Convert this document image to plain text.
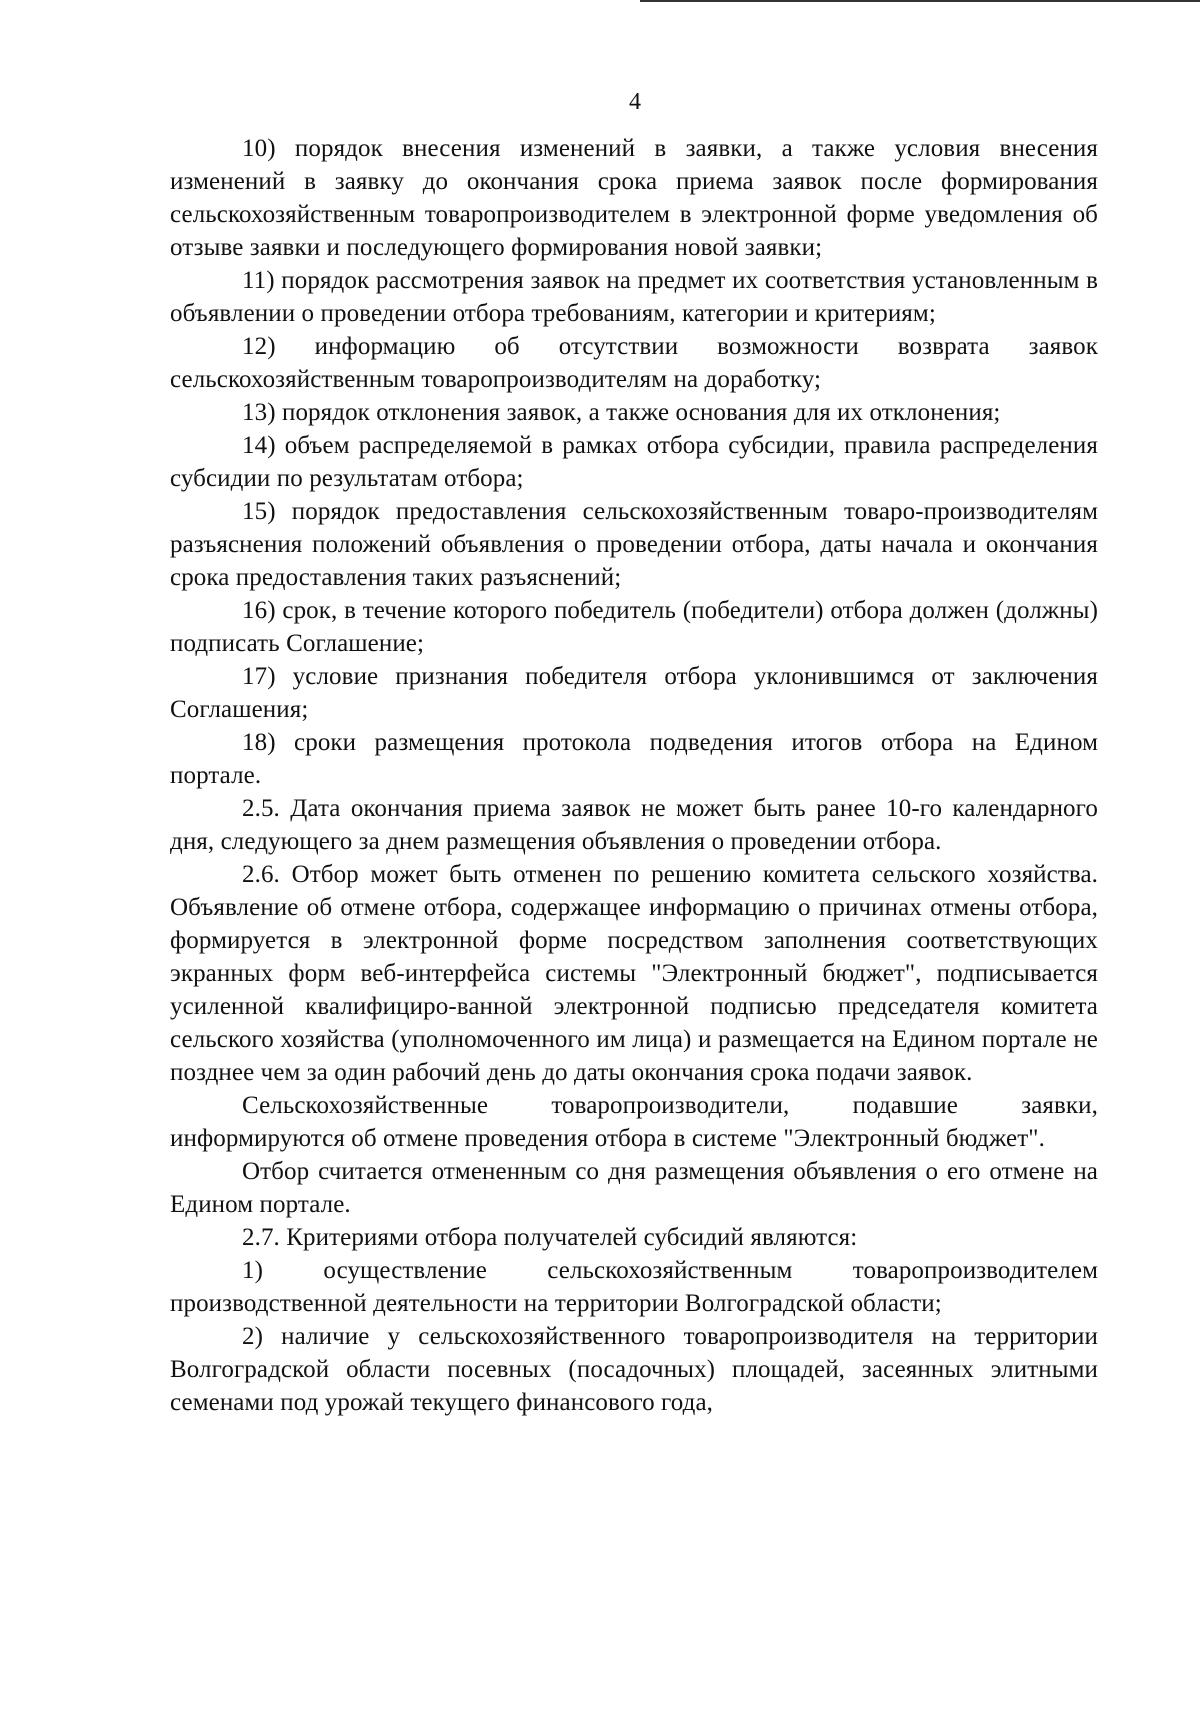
4

10) порядок внесения изменений в заявки, а также условия внесения изменений в заявку до окончания срока приема заявок после формирования сельскохозяйственным товаропроизводителем в электронной форме уведомления об отзыве заявки и последующего формирования новой заявки;

11) порядок рассмотрения заявок на предмет их соответствия установленным в объявлении о проведении отбора требованиям, категории и критериям;

12) информацию об отсутствии возможности возврата заявок сельскохозяйственным товаропроизводителям на доработку;

13) порядок отклонения заявок, а также основания для их отклонения;

14) объем распределяемой в рамках отбора субсидии, правила распределения субсидии по результатам отбора;

15) порядок предоставления сельскохозяйственным товаро-производителям разъяснения положений объявления о проведении отбора, даты начала и окончания срока предоставления таких разъяснений;

16) срок, в течение которого победитель (победители) отбора должен (должны) подписать Соглашение;

17) условие признания победителя отбора уклонившимся от заключения Соглашения;

18) сроки размещения протокола подведения итогов отбора на Едином портале.

2.5. Дата окончания приема заявок не может быть ранее 10-го календарного дня, следующего за днем размещения объявления о проведении отбора.

2.6. Отбор может быть отменен по решению комитета сельского хозяйства. Объявление об отмене отбора, содержащее информацию о причинах отмены отбора, формируется в электронной форме посредством заполнения соответствующих экранных форм веб-интерфейса системы "Электронный бюджет", подписывается усиленной квалифициро-ванной электронной подписью председателя комитета сельского хозяйства (уполномоченного им лица) и размещается на Едином портале не позднее чем за один рабочий день до даты окончания срока подачи заявок.

Сельскохозяйственные товаропроизводители, подавшие заявки, информируются об отмене проведения отбора в системе "Электронный бюджет".

Отбор считается отмененным со дня размещения объявления о его отмене на Едином портале.

2.7. Критериями отбора получателей субсидий являются:

1) осуществление сельскохозяйственным товаропроизводителем производственной деятельности на территории Волгоградской области;

2) наличие у сельскохозяйственного товаропроизводителя на территории Волгоградской области посевных (посадочных) площадей, засеянных элитными семенами под урожай текущего финансового года,
